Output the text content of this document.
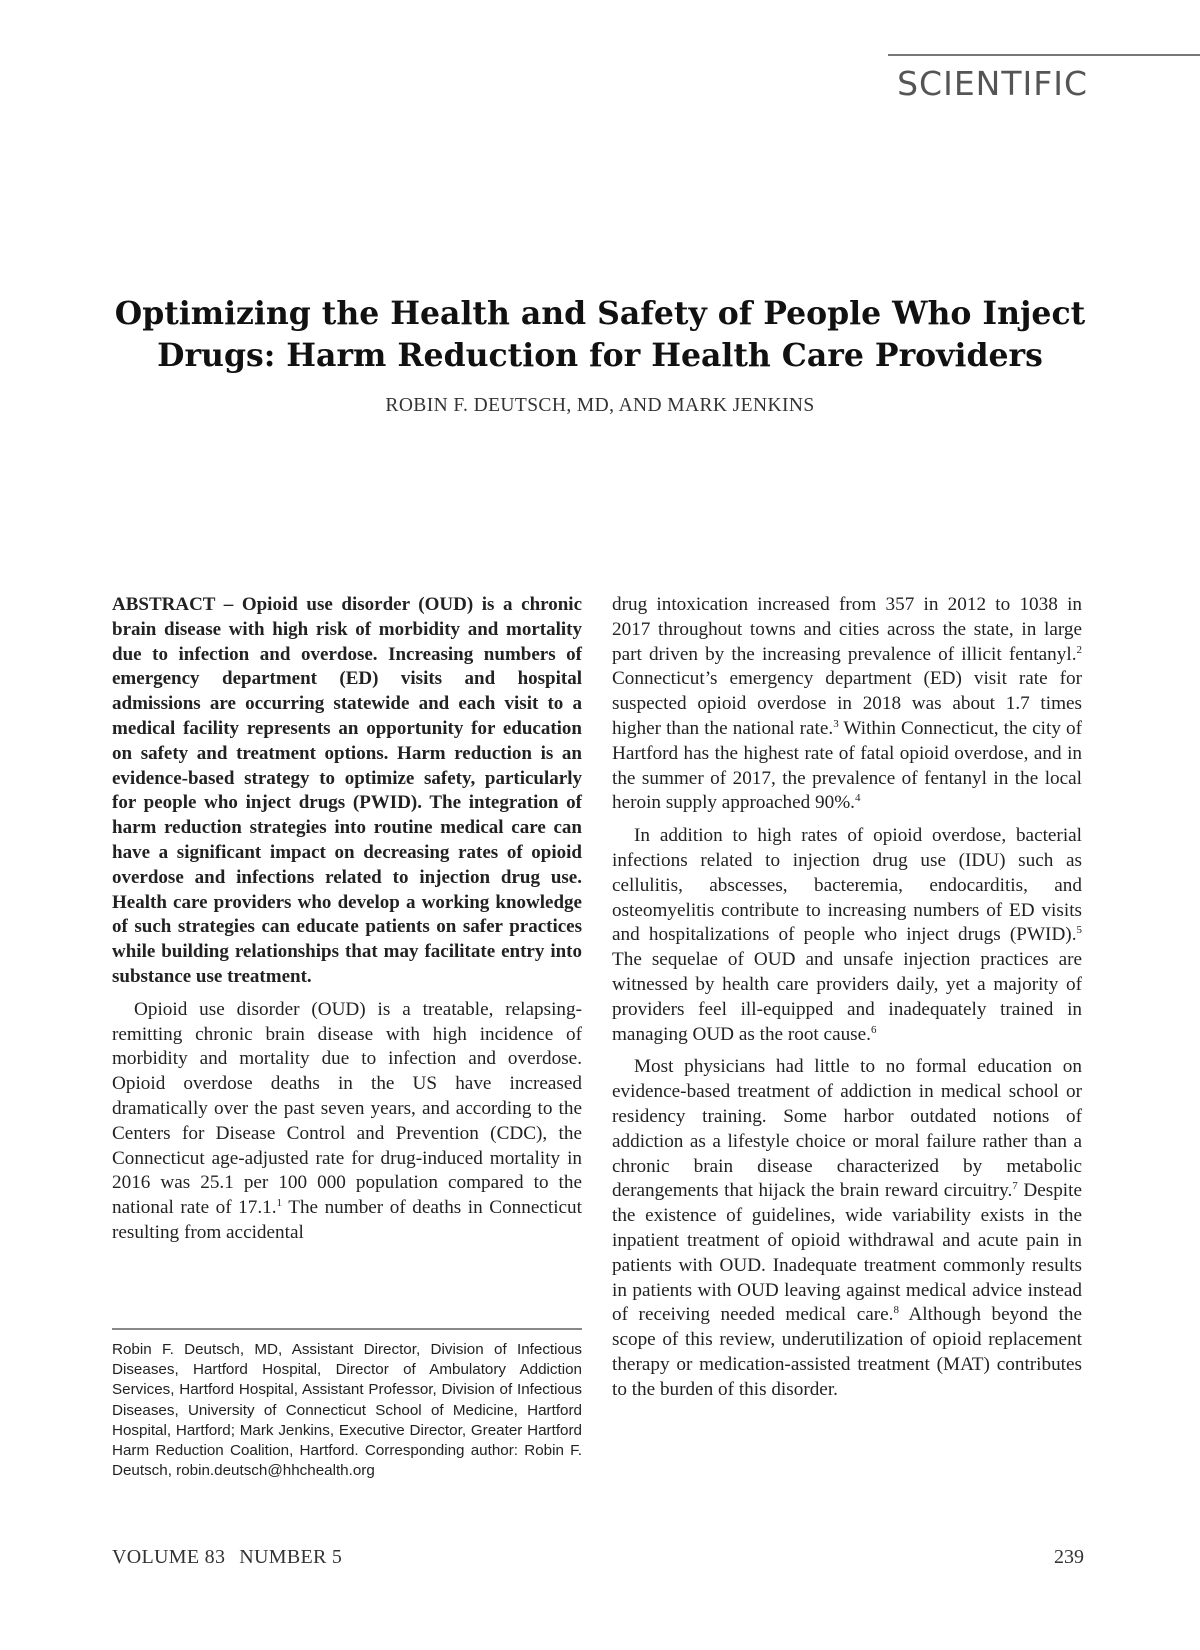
SCIENTIFIC
Optimizing the Health and Safety of People Who Inject
Drugs: Harm Reduction for Health Care Providers
ROBIN F. DEUTSCH, MD, AND MARK JENKINS

ABSTRACT – Opioid use disorder (OUD) is a chronic brain disease with high risk of morbidity and mortality due to infection and overdose. Increasing numbers of emergency department (ED) visits and hospital admissions are occurring statewide and each visit to a medical facility represents an opportunity for education on safety and treatment options. Harm reduction is an evidence-based strategy to optimize safety, particularly for people who inject drugs (PWID). The integration of harm reduction strategies into routine medical care can have a significant impact on decreasing rates of opioid overdose and infections related to injection drug use. Health care providers who develop a working knowledge of such strategies can educate patients on safer practices while building relationships that may facilitate entry into substance use treatment.

Opioid use disorder (OUD) is a treatable, relapsing-remitting chronic brain disease with high incidence of morbidity and mortality due to infection and overdose. Opioid overdose deaths in the US have increased dramatically over the past seven years, and according to the Centers for Disease Control and Prevention (CDC), the Connecticut age-adjusted rate for drug-induced mortality in 2016 was 25.1 per 100 000 population compared to the national rate of 17.1.$^1$ The number of deaths in Connecticut resulting from accidental

drug intoxication increased from 357 in 2012 to 1038 in 2017 throughout towns and cities across the state, in large part driven by the increasing prevalence of illicit fentanyl.$^2$ Connecticut’s emergency department (ED) visit rate for suspected opioid overdose in 2018 was about 1.7 times higher than the national rate.$^3$ Within Connecticut, the city of Hartford has the highest rate of fatal opioid overdose, and in the summer of 2017, the prevalence of fentanyl in the local heroin supply approached 90%.$^4$

In addition to high rates of opioid overdose, bacterial infections related to injection drug use (IDU) such as cellulitis, abscesses, bacteremia, endocarditis, and osteomyelitis contribute to increasing numbers of ED visits and hospitalizations of people who inject drugs (PWID).$^5$ The sequelae of OUD and unsafe injection practices are witnessed by health care providers daily, yet a majority of providers feel ill-equipped and inadequately trained in managing OUD as the root cause.$^6$

Most physicians had little to no formal education on evidence-based treatment of addiction in medical school or residency training. Some harbor outdated notions of addiction as a lifestyle choice or moral failure rather than a chronic brain disease characterized by metabolic derangements that hijack the brain reward circuitry.$^7$ Despite the existence of guidelines, wide variability exists in the inpatient treatment of opioid withdrawal and acute pain in patients with OUD. Inadequate treatment commonly results in patients with OUD leaving against medical advice instead of receiving needed medical care.$^8$ Although beyond the scope of this review, underutilization of opioid replacement therapy or medication-assisted treatment (MAT) contributes to the burden of this disorder.

Robin F. Deutsch, MD, Assistant Director, Division of Infectious Diseases, Hartford Hospital, Director of Ambulatory Addiction Services, Hartford Hospital, Assistant Professor, Division of Infectious Diseases, University of Connecticut School of Medicine, Hartford Hospital, Hartford; Mark Jenkins, Executive Director, Greater Hartford Harm Reduction Coalition, Hartford. Corresponding author: Robin F. Deutsch, robin.deutsch@hhchealth.org

VOLUME 83 NUMBER 5	239
